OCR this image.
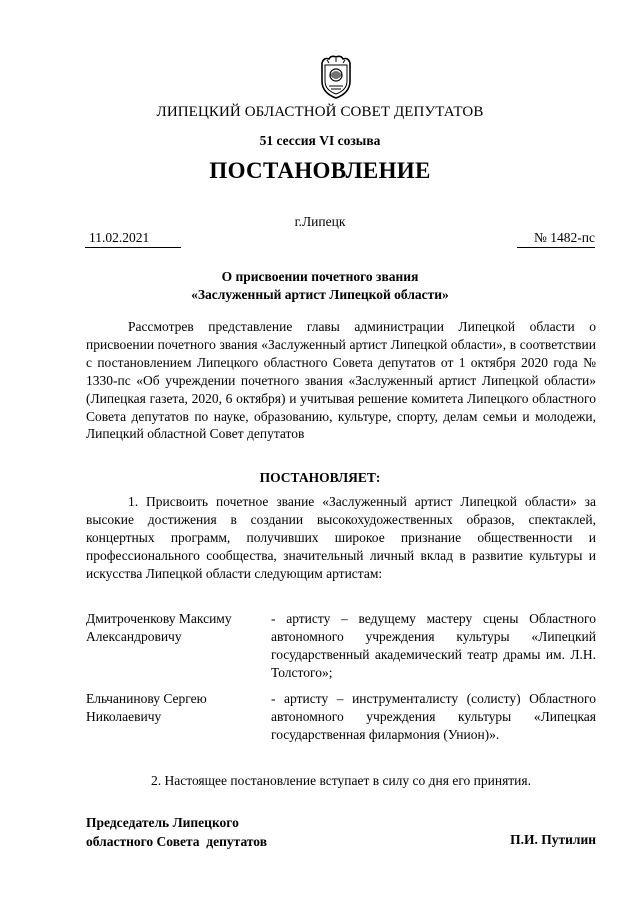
ЛИПЕЦКИЙ ОБЛАСТНОЙ СОВЕТ ДЕПУТАТОВ
51 сессия VI созыва
ПОСТАНОВЛЕНИЕ
г.Липецк
11.02.2021	№ 1482-пс
О присвоении почетного звания
«Заслуженный артист Липецкой области»
Рассмотрев представление главы администрации Липецкой области о присвоении почетного звания «Заслуженный артист Липецкой области», в соответствии с постановлением Липецкого областного Совета депутатов от 1 октября 2020 года № 1330-пс «Об учреждении почетного звания «Заслуженный артист Липецкой области» (Липецкая газета, 2020, 6 октября) и учитывая решение комитета Липецкого областного Совета депутатов по науке, образованию, культуре, спорту, делам семьи и молодежи, Липецкий областной Совет депутатов
ПОСТАНОВЛЯЕТ:
1. Присвоить почетное звание «Заслуженный артист Липецкой области» за высокие достижения в создании высокохудожественных образов, спектаклей, концертных программ, получивших широкое признание общественности и профессионального сообщества, значительный личный вклад в развитие культуры и искусства Липецкой области следующим артистам:
Дмитроченкову Максиму Александровичу
- артисту – ведущему мастеру сцены Областного автономного учреждения культуры «Липецкий государственный академический театр драмы им. Л.Н. Толстого»;
Ельчанинову Сергею Николаевичу
- артисту – инструменталисту (солисту) Областного автономного учреждения культуры «Липецкая государственная филармония (Унион)».
2. Настоящее постановление вступает в силу со дня его принятия.
Председатель Липецкого
областного Совета  депутатов	П.И. Путилин
